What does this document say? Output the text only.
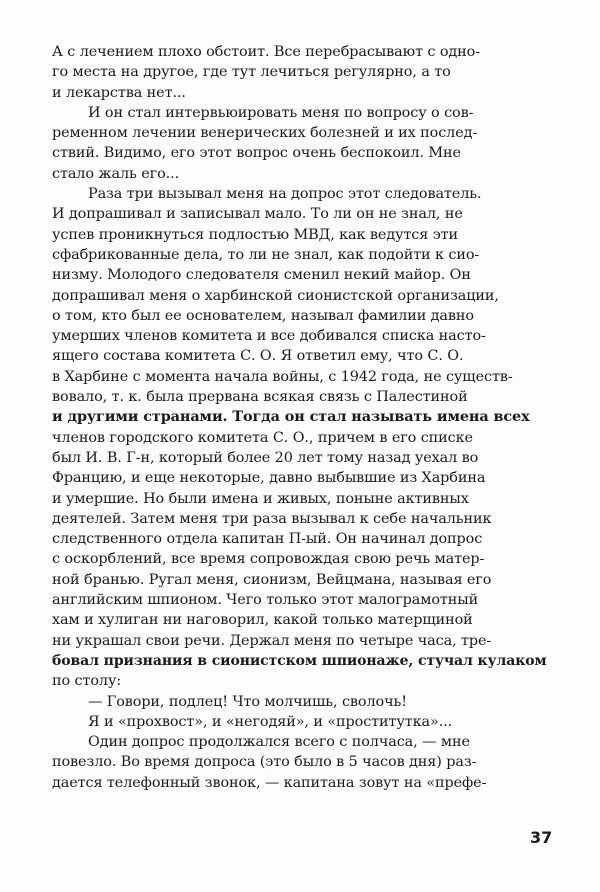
А с лечением плохо обстоит. Все перебрасывают с одно-
го места на другое, где тут лечиться регулярно, а то
и лекарства нет...
И он стал интервьюировать меня по вопросу о сов-
ременном лечении венерических болезней и их послед-
ствий. Видимо, его этот вопрос очень беспокоил. Мне
стало жаль его...
Раза три вызывал меня на допрос этот следователь.
И допрашивал и записывал мало. То ли он не знал, не
успев проникнуться подлостью МВД, как ведутся эти
сфабрикованные дела, то ли не знал, как подойти к сио-
низму. Молодого следователя сменил некий майор. Он
допрашивал меня о харбинской сионистской организации,
о том, кто был ее основателем, называл фамилии давно
умерших членов комитета и все добивался списка насто-
ящего состава комитета С. О. Я ответил ему, что С. О.
в Харбине с момента начала войны, с 1942 года, не существ-
вовало, т. к. была прервана всякая связь с Палестиной
и другими странами. Тогда он стал называть имена всех
членов городского комитета С. О., причем в его списке
был И. В. Г-н, который более 20 лет тому назад уехал во
Францию, и еще некоторые, давно выбывшие из Харбина
и умершие. Но были имена и живых, поныне активных
деятелей. Затем меня три раза вызывал к себе начальник
следственного отдела капитан П-ый. Он начинал допрос
с оскорблений, все время сопровождая свою речь матер-
ной бранью. Ругал меня, сионизм, Вейцмана, называя его
английским шпионом. Чего только этот малограмотный
хам и хулиган ни наговорил, какой только матерщиной
ни украшал свои речи. Держал меня по четыре часа, тре-
бовал признания в сионистском шпионаже, стучал кулаком
по столу:
— Говори, подлец! Что молчишь, сволочь!
Я и «прохвост», и «негодяй», и «проститутка»...
Один допрос продолжался всего с полчаса, — мне
повезло. Во время допроса (это было в 5 часов дня) раз-
дается телефонный звонок, — капитана зовут на «префе-
37
